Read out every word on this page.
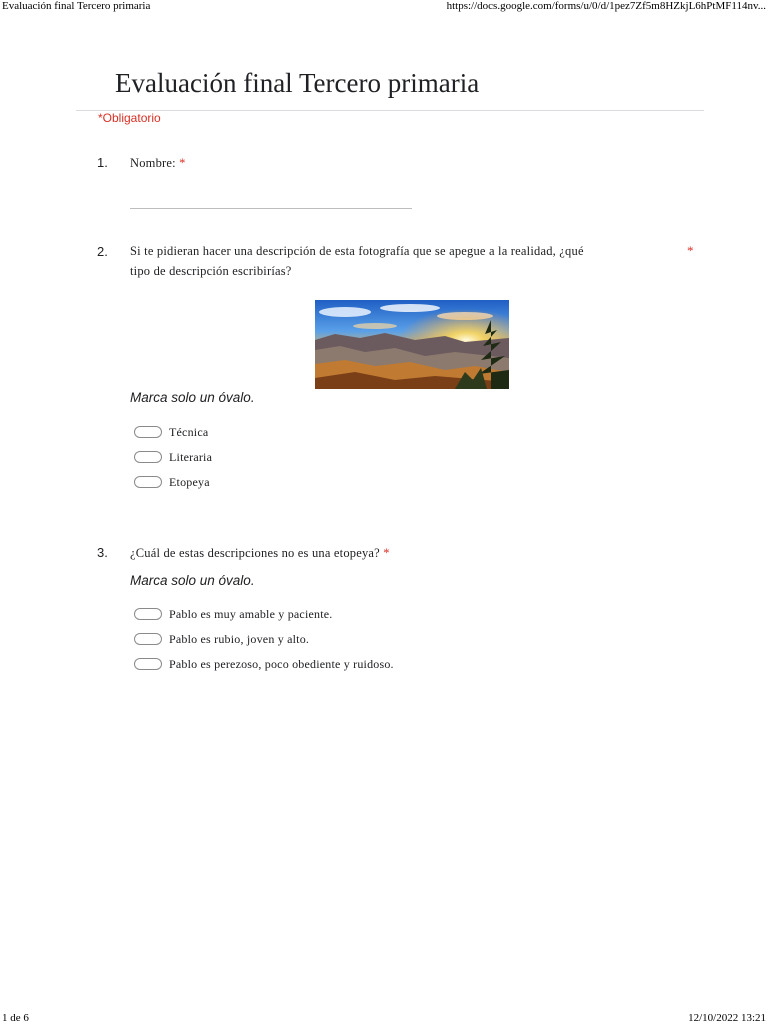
Evaluación final Tercero primaria	https://docs.google.com/forms/u/0/d/1pez7Zf5m8HZkjL6hPtMF114nv...
Evaluación final Tercero primaria
*Obligatorio
1. Nombre: *
2. Si te pidieran hacer una descripción de esta fotografía que se apegue a la realidad, ¿qué
tipo de descripción escribirías?
*
Marca solo un óvalo.
Técnica
Literaria
Etopeya
3. ¿Cuál de estas descripciones no es una etopeya? *
Marca solo un óvalo.
Pablo es muy amable y paciente.
Pablo es rubio, joven y alto.
Pablo es perezoso, poco obediente y ruidoso.
1 de 6	12/10/2022 13:21
